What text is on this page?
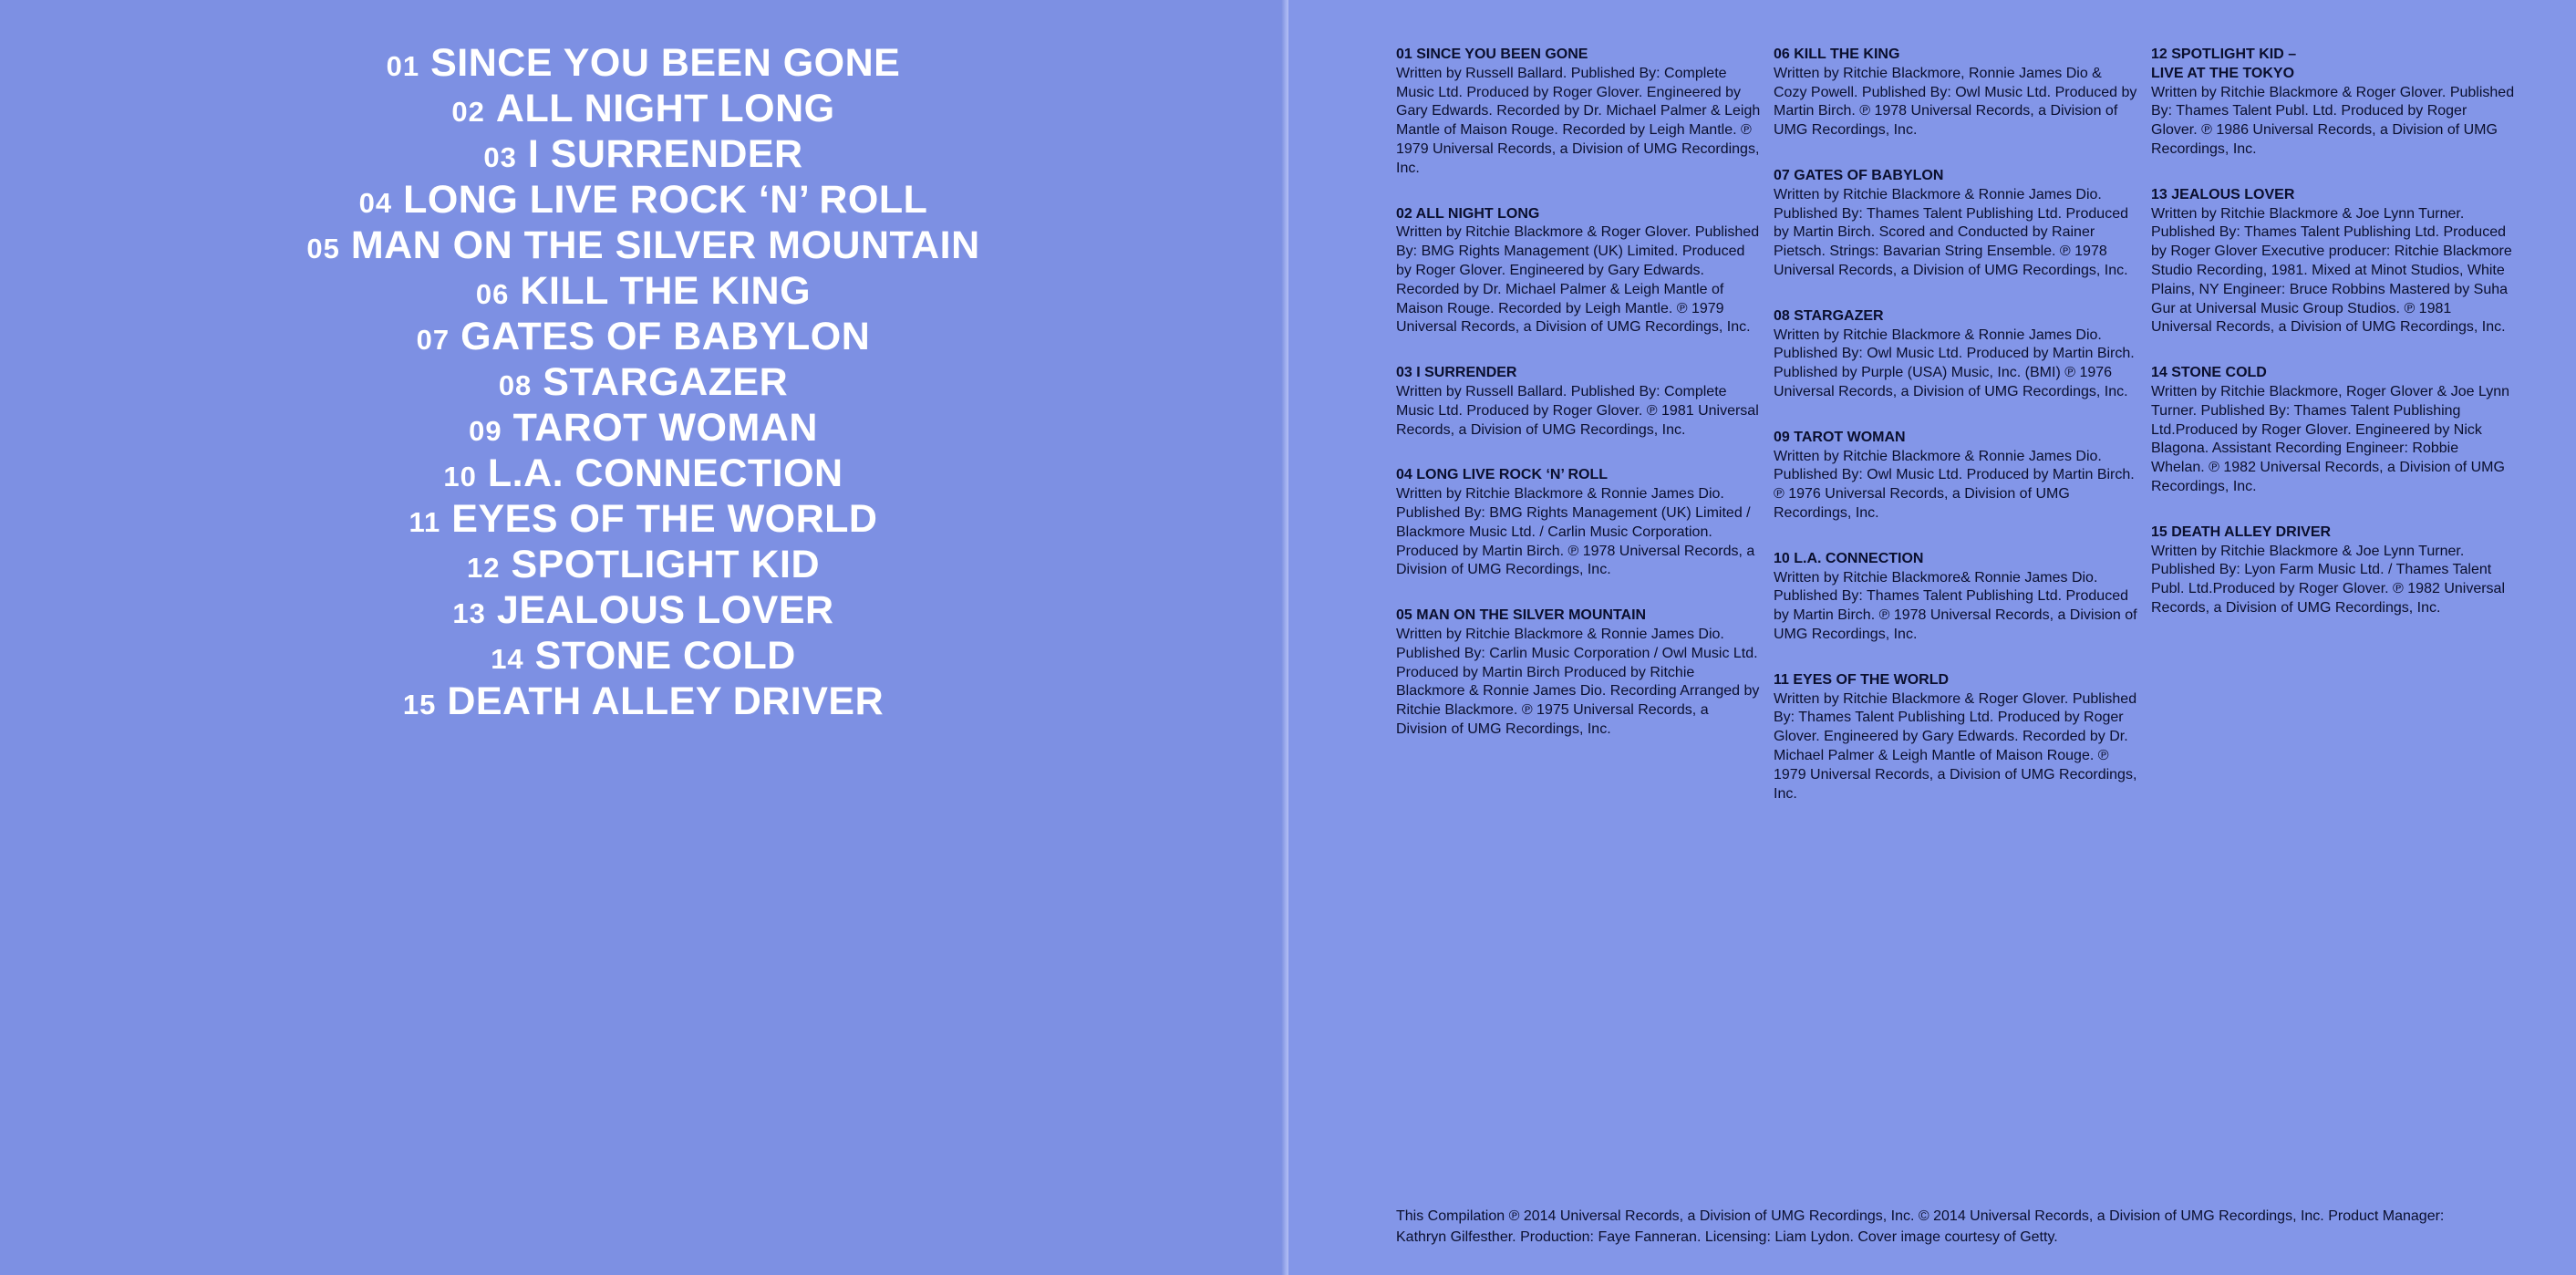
01 SINCE YOU BEEN GONE
02 ALL NIGHT LONG
03 I SURRENDER
04 LONG LIVE ROCK ‘N’ ROLL
05 MAN ON THE SILVER MOUNTAIN
06 KILL THE KING
07 GATES OF BABYLON
08 STARGAZER
09 TAROT WOMAN
10 L.A. CONNECTION
11 EYES OF THE WORLD
12 SPOTLIGHT KID
13 JEALOUS LOVER
14 STONE COLD
15 DEATH ALLEY DRIVER

01 SINCE YOU BEEN GONE

Written by Russell Ballard. Published By: Complete Music Ltd. Produced by Roger Glover. Engineered by Gary Edwards. Recorded by Dr. Michael Palmer & Leigh Mantle of Maison Rouge. Recorded by Leigh Mantle. ℗ 1979 Universal Records, a Division of UMG Recordings, Inc.

02 ALL NIGHT LONG

Written by Ritchie Blackmore & Roger Glover. Published By: BMG Rights Management (UK) Limited. Produced by Roger Glover. Engineered by Gary Edwards. Recorded by Dr. Michael Palmer & Leigh Mantle of Maison Rouge. Recorded by Leigh Mantle. ℗ 1979 Universal Records, a Division of UMG Recordings, Inc.

03 I SURRENDER

Written by Russell Ballard. Published By: Complete Music Ltd. Produced by Roger Glover. ℗ 1981 Universal Records, a Division of UMG Recordings, Inc.

04 LONG LIVE ROCK ‘N’ ROLL

Written by Ritchie Blackmore & Ronnie James Dio. Published By: BMG Rights Management (UK) Limited / Blackmore Music Ltd. / Carlin Music Corporation. Produced by Martin Birch. ℗ 1978 Universal Records, a Division of UMG Recordings, Inc.

05 MAN ON THE SILVER MOUNTAIN

Written by Ritchie Blackmore & Ronnie James Dio. Published By: Carlin Music Corporation / Owl Music Ltd. Produced by Martin Birch Produced by Ritchie Blackmore & Ronnie James Dio. Recording Arranged by Ritchie Blackmore. ℗ 1975 Universal Records, a Division of UMG Recordings, Inc.

06 KILL THE KING

Written by Ritchie Blackmore, Ronnie James Dio & Cozy Powell. Published By: Owl Music Ltd. Produced by Martin Birch. ℗ 1978 Universal Records, a Division of UMG Recordings, Inc.

07 GATES OF BABYLON

Written by Ritchie Blackmore & Ronnie James Dio. Published By: Thames Talent Publishing Ltd. Produced by Martin Birch. Scored and Conducted by Rainer Pietsch. Strings: Bavarian String Ensemble. ℗ 1978 Universal Records, a Division of UMG Recordings, Inc.

08 STARGAZER

Written by Ritchie Blackmore & Ronnie James Dio. Published By: Owl Music Ltd. Produced by Martin Birch. Published by Purple (USA) Music, Inc. (BMI) ℗ 1976 Universal Records, a Division of UMG Recordings, Inc.

09 TAROT WOMAN

Written by Ritchie Blackmore & Ronnie James Dio. Published By: Owl Music Ltd. Produced by Martin Birch. ℗ 1976 Universal Records, a Division of UMG Recordings, Inc.

10 L.A. CONNECTION

Written by Ritchie Blackmore& Ronnie James Dio. Published By: Thames Talent Publishing Ltd. Produced by Martin Birch. ℗ 1978 Universal Records, a Division of UMG Recordings, Inc.

11 EYES OF THE WORLD

Written by Ritchie Blackmore & Roger Glover. Published By: Thames Talent Publishing Ltd. Produced by Roger Glover. Engineered by Gary Edwards. Recorded by Dr. Michael Palmer & Leigh Mantle of Maison Rouge. ℗ 1979 Universal Records, a Division of UMG Recordings, Inc.

12 SPOTLIGHT KID –
LIVE AT THE TOKYO

Written by Ritchie Blackmore & Roger Glover. Published By: Thames Talent Publ. Ltd. Produced by Roger Glover. ℗ 1986 Universal Records, a Division of UMG Recordings, Inc.

13 JEALOUS LOVER

Written by Ritchie Blackmore & Joe Lynn Turner. Published By: Thames Talent Publishing Ltd. Produced by Roger Glover Executive producer: Ritchie Blackmore Studio Recording, 1981. Mixed at Minot Studios, White Plains, NY Engineer: Bruce Robbins Mastered by Suha Gur at Universal Music Group Studios. ℗ 1981 Universal Records, a Division of UMG Recordings, Inc.

14 STONE COLD

Written by Ritchie Blackmore, Roger Glover & Joe Lynn Turner. Published By: Thames Talent Publishing Ltd.Produced by Roger Glover. Engineered by Nick Blagona. Assistant Recording Engineer: Robbie Whelan. ℗ 1982 Universal Records, a Division of UMG Recordings, Inc.

15 DEATH ALLEY DRIVER

Written by Ritchie Blackmore & Joe Lynn Turner. Published By: Lyon Farm Music Ltd. / Thames Talent Publ. Ltd.Produced by Roger Glover. ℗ 1982 Universal Records, a Division of UMG Recordings, Inc.

This Compilation ℗ 2014 Universal Records, a Division of UMG Recordings, Inc. © 2014 Universal Records, a Division of UMG Recordings, Inc. Product Manager: Kathryn Gilfesther. Production: Faye Fanneran. Licensing: Liam Lydon. Cover image courtesy of Getty.
